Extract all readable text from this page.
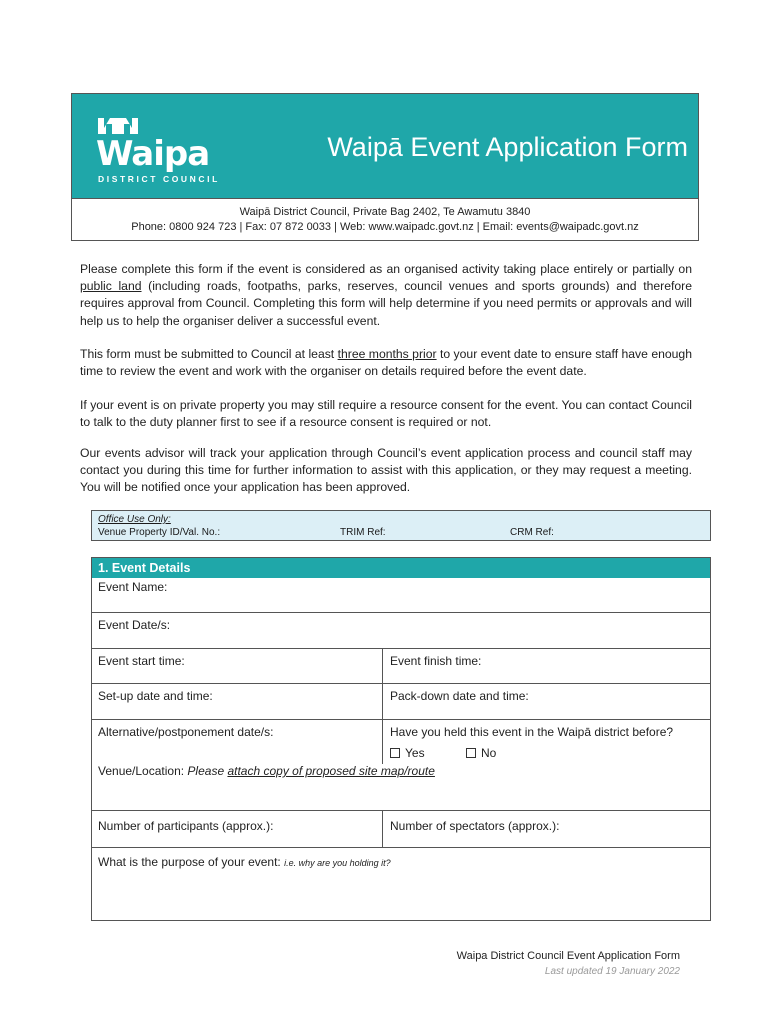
Waipa
DISTRICT COUNCIL
Waipā Event Application Form
Waipā District Council, Private Bag 2402, Te Awamutu 3840
Phone: 0800 924 723 | Fax: 07 872 0033 | Web: www.waipadc.govt.nz | Email: events@waipadc.govt.nz

Please complete this form if the event is considered as an organised activity taking place entirely or partially on public land (including roads, footpaths, parks, reserves, council venues and sports grounds) and therefore requires approval from Council. Completing this form will help determine if you need permits or approvals and will help us to help the organiser deliver a successful event.

This form must be submitted to Council at least three months prior to your event date to ensure staff have enough time to review the event and work with the organiser on details required before the event date.

If your event is on private property you may still require a resource consent for the event. You can contact Council to talk to the duty planner first to see if a resource consent is required or not.

Our events advisor will track your application through Council’s event application process and council staff may contact you during this time for further information to assist with this application, or they may request a meeting. You will be notified once your application has been approved.

Office Use Only:
Venue Property ID/Val. No.:	TRIM Ref:	CRM Ref:
1. Event Details
Event Name:
Event Date/s:
Event start time:	Event finish time:
Set-up date and time:	Pack-down date and time:
Alternative/postponement date/s:	Have you held this event in the Waipā district before?
Yes	No
Venue/Location: Please attach copy of proposed site map/route
Number of participants (approx.):	Number of spectators (approx.):
What is the purpose of your event: i.e. why are you holding it?
Waipa District Council Event Application Form
Last updated 19 January 2022
